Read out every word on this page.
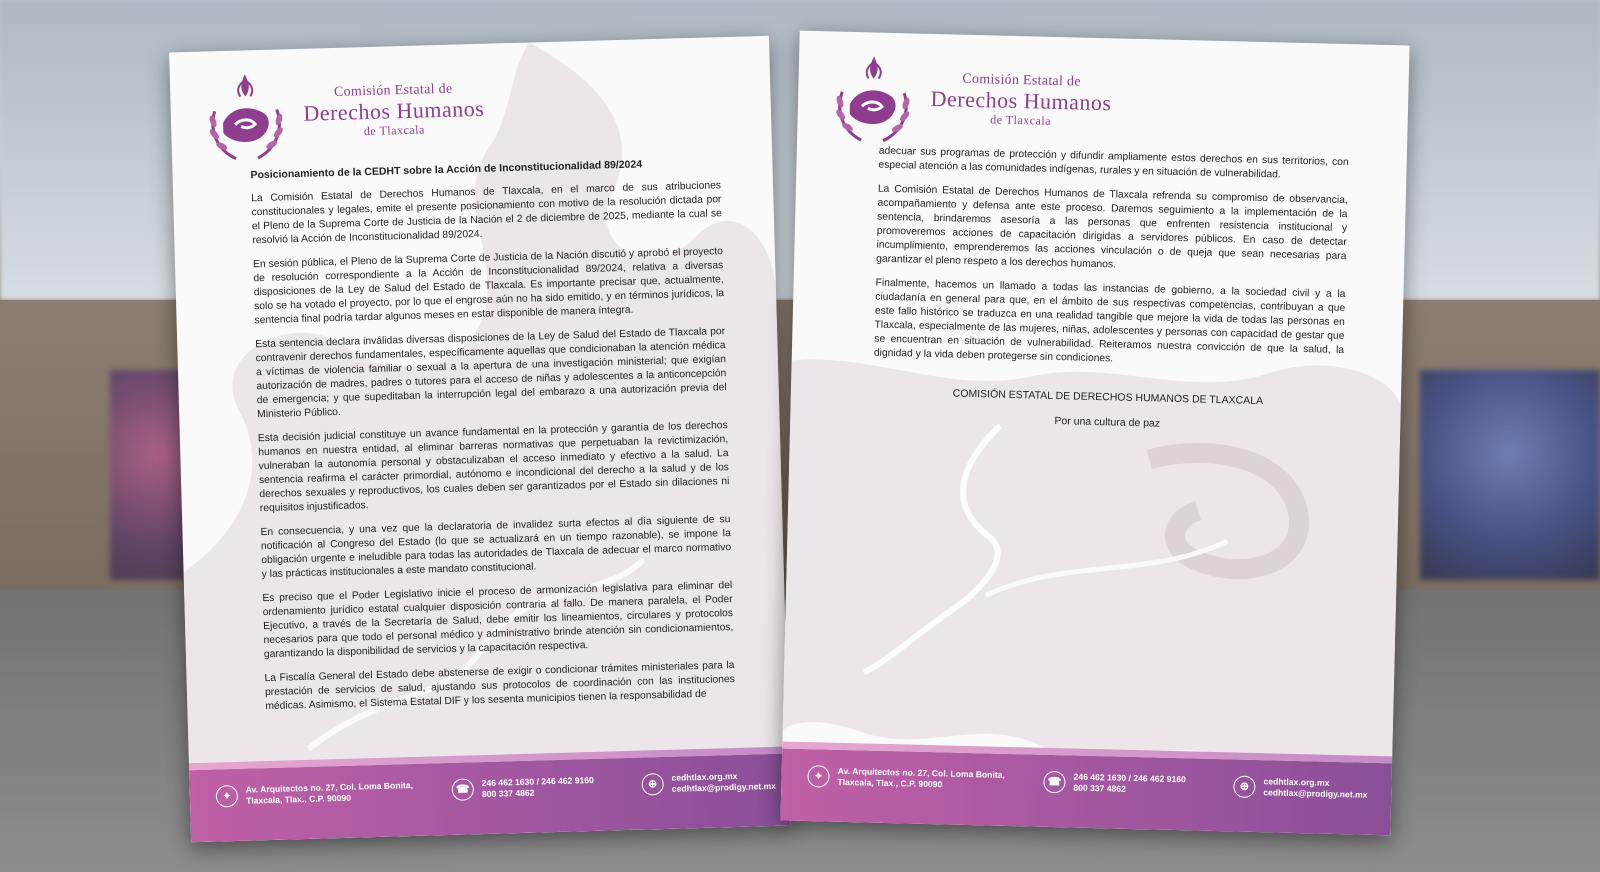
Comisión Estatal de
Derechos Humanos
de Tlaxcala

Posicionamiento de la CEDHT sobre la Acción de Inconstitucionalidad 89/2024

La Comisión Estatal de Derechos Humanos de Tlaxcala, en el marco de sus atribuciones constitucionales y legales, emite el presente posicionamiento con motivo de la resolución dictada por el Pleno de la Suprema Corte de Justicia de la Nación el 2 de diciembre de 2025, mediante la cual se resolvió la Acción de Inconstitucionalidad 89/2024.

En sesión pública, el Pleno de la Suprema Corte de Justicia de la Nación discutió y aprobó el proyecto de resolución correspondiente a la Acción de Inconstitucionalidad 89/2024, relativa a diversas disposiciones de la Ley de Salud del Estado de Tlaxcala. Es importante precisar que, actualmente, solo se ha votado el proyecto, por lo que el engrose aún no ha sido emitido, y en términos jurídicos, la sentencia final podría tardar algunos meses en estar disponible de manera íntegra.

Esta sentencia declara inválidas diversas disposiciones de la Ley de Salud del Estado de Tlaxcala por contravenir derechos fundamentales, específicamente aquellas que condicionaban la atención médica a víctimas de violencia familiar o sexual a la apertura de una investigación ministerial; que exigían autorización de madres, padres o tutores para el acceso de niñas y adolescentes a la anticoncepción de emergencia; y que supeditaban la interrupción legal del embarazo a una autorización previa del Ministerio Público.

Esta decisión judicial constituye un avance fundamental en la protección y garantía de los derechos humanos en nuestra entidad, al eliminar barreras normativas que perpetuaban la revictimización, vulneraban la autonomía personal y obstaculizaban el acceso inmediato y efectivo a la salud. La sentencia reafirma el carácter primordial, autónomo e incondicional del derecho a la salud y de los derechos sexuales y reproductivos, los cuales deben ser garantizados por el Estado sin dilaciones ni requisitos injustificados.

En consecuencia, y una vez que la declaratoria de invalidez surta efectos al día siguiente de su notificación al Congreso del Estado (lo que se actualizará en un tiempo razonable), se impone la obligación urgente e ineludible para todas las autoridades de Tlaxcala de adecuar el marco normativo y las prácticas institucionales a este mandato constitucional.

Es preciso que el Poder Legislativo inicie el proceso de armonización legislativa para eliminar del ordenamiento jurídico estatal cualquier disposición contraria al fallo. De manera paralela, el Poder Ejecutivo, a través de la Secretaría de Salud, debe emitir los lineamientos, circulares y protocolos necesarios para que todo el personal médico y administrativo brinde atención sin condicionamientos, garantizando la disponibilidad de servicios y la capacitación respectiva.

La Fiscalía General del Estado debe abstenerse de exigir o condicionar trámites ministeriales para la prestación de servicios de salud, ajustando sus protocolos de coordinación con las instituciones médicas. Asimismo, el Sistema Estatal DIF y los sesenta municipios tienen la responsabilidad de

⌖
Av. Arquitectos no. 27, Col. Loma Bonita,
Tlaxcala, Tlax., C.P. 90090
☎
246 462 1630 / 246 462 9160
800 337 4862
⊕
cedhtlax.org.mx
cedhtlax@prodigy.net.mx
Comisión Estatal de
Derechos Humanos
de Tlaxcala

adecuar sus programas de protección y difundir ampliamente estos derechos en sus territorios, con especial atención a las comunidades indígenas, rurales y en situación de vulnerabilidad.

La Comisión Estatal de Derechos Humanos de Tlaxcala refrenda su compromiso de observancia, acompañamiento y defensa ante este proceso. Daremos seguimiento a la implementación de la sentencia, brindaremos asesoría a las personas que enfrenten resistencia institucional y promoveremos acciones de capacitación dirigidas a servidores públicos. En caso de detectar incumplimiento, emprenderemos las acciones vinculación o de queja que sean necesarias para garantizar el pleno respeto a los derechos humanos.

Finalmente, hacemos un llamado a todas las instancias de gobierno, a la sociedad civil y a la ciudadanía en general para que, en el ámbito de sus respectivas competencias, contribuyan a que este fallo histórico se traduzca en una realidad tangible que mejore la vida de todas las personas en Tlaxcala, especialmente de las mujeres, niñas, adolescentes y personas con capacidad de gestar que se encuentran en situación de vulnerabilidad. Reiteramos nuestra convicción de que la salud, la dignidad y la vida deben protegerse sin condiciones.

COMISIÓN ESTATAL DE DERECHOS HUMANOS DE TLAXCALA

Por una cultura de paz

⌖	Av. Arquitectos no. 27, Col. Loma Bonita,
Tlaxcala, Tlax., C.P. 90090	☎	246 462 1630 / 246 462 9160
800 337 4862	⊕	cedhtlax.org.mx
cedhtlax@prodigy.net.mx
